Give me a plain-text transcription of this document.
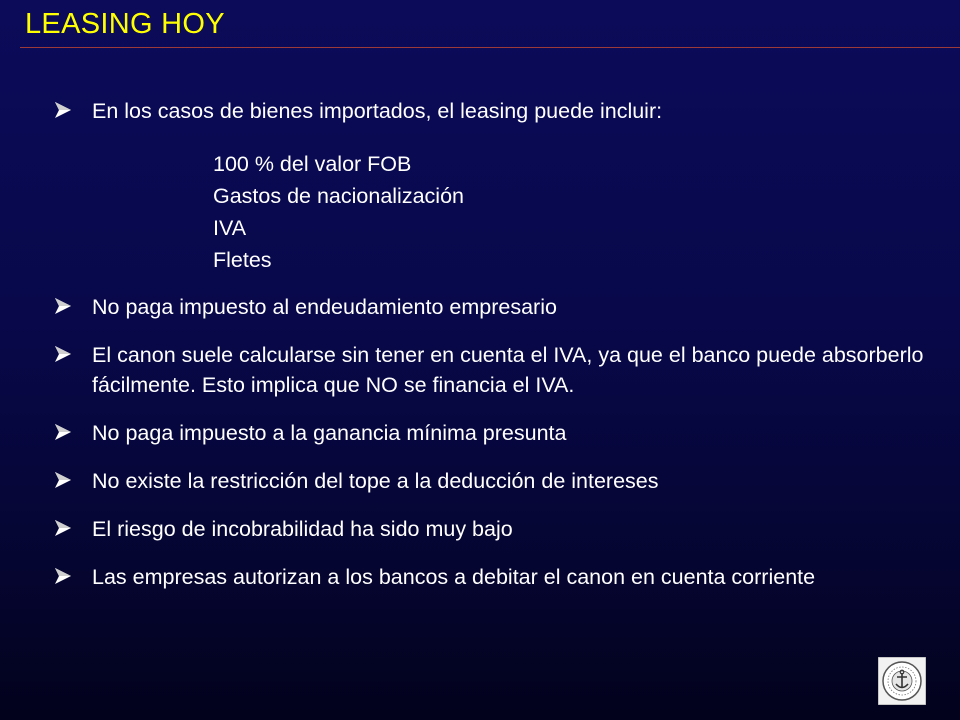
LEASING HOY
En los casos de bienes importados, el leasing puede incluir:
100 % del valor FOB
Gastos de nacionalización
IVA
Fletes
No paga impuesto al endeudamiento empresario
El canon suele calcularse sin tener en cuenta el IVA, ya que el banco puede absorberlo fácilmente. Esto implica que NO se financia el IVA.
No paga impuesto a la ganancia mínima presunta
No existe la restricción del tope a la deducción de intereses
El riesgo de incobrabilidad ha sido muy bajo
Las empresas autorizan a los bancos a debitar el canon en cuenta corriente
